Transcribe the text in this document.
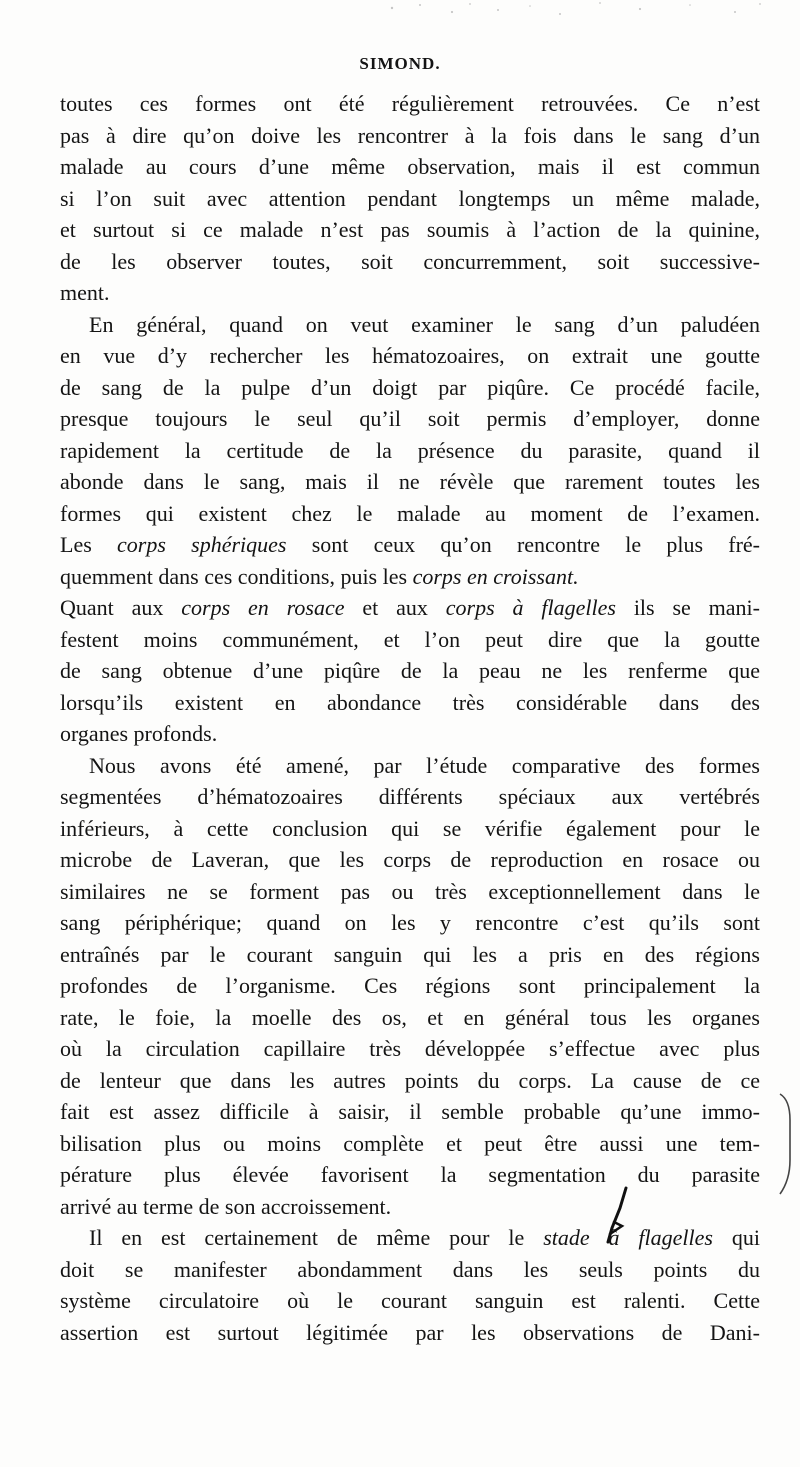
SIMOND.
toutes ces formes ont été régulièrement retrouvées. Ce n’est
pas à dire qu’on doive les rencontrer à la fois dans le sang d’un
malade au cours d’une même observation, mais il est commun
si l’on suit avec attention pendant longtemps un même malade,
et surtout si ce malade n’est pas soumis à l’action de la quinine,
de les observer toutes, soit concurremment, soit successive-
ment.
En général, quand on veut examiner le sang d’un paludéen
en vue d’y rechercher les hématozoaires, on extrait une goutte
de sang de la pulpe d’un doigt par piqûre. Ce procédé facile,
presque toujours le seul qu’il soit permis d’employer, donne
rapidement la certitude de la présence du parasite, quand il
abonde dans le sang, mais il ne révèle que rarement toutes les
formes qui existent chez le malade au moment de l’examen.
Les corps sphériques sont ceux qu’on rencontre le plus fré-
quemment dans ces conditions, puis les corps en croissant.
Quant aux corps en rosace et aux corps à flagelles ils se mani-
festent moins communément, et l’on peut dire que la goutte
de sang obtenue d’une piqûre de la peau ne les renferme que
lorsqu’ils existent en abondance très considérable dans des
organes profonds.
Nous avons été amené, par l’étude comparative des formes
segmentées d’hématozoaires différents spéciaux aux vertébrés
inférieurs, à cette conclusion qui se vérifie également pour le
microbe de Laveran, que les corps de reproduction en rosace ou
similaires ne se forment pas ou très exceptionnellement dans le
sang périphérique; quand on les y rencontre c’est qu’ils sont
entraînés par le courant sanguin qui les a pris en des régions
profondes de l’organisme. Ces régions sont principalement la
rate, le foie, la moelle des os, et en général tous les organes
où la circulation capillaire très développée s’effectue avec plus
de lenteur que dans les autres points du corps. La cause de ce
fait est assez difficile à saisir, il semble probable qu’une immo-
bilisation plus ou moins complète et peut être aussi une tem-
pérature plus élevée favorisent la segmentation du parasite
arrivé au terme de son accroissement.
Il en est certainement de même pour le stade à flagelles qui
doit se manifester abondamment dans les seuls points du
système circulatoire où le courant sanguin est ralenti. Cette
assertion est surtout légitimée par les observations de Dani-
